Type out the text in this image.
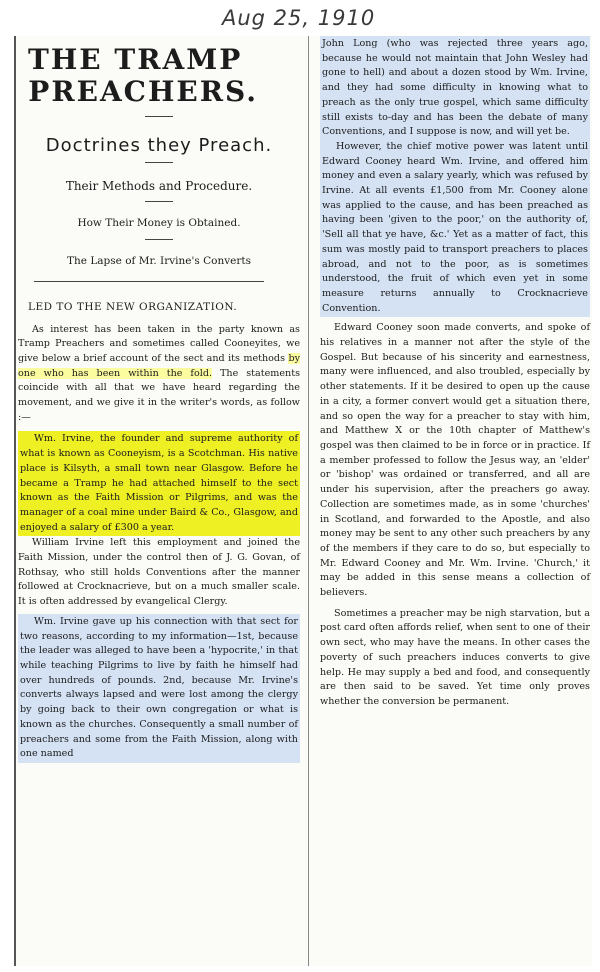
Aug 25, 1910
THE TRAMP
PREACHERS.
Doctrines they Preach.
Their Methods and Procedure.
How Their Money is Obtained.
The Lapse of Mr. Irvine's Converts
LED TO THE NEW ORGANIZATION.

As interest has been taken in the party known as Tramp Preachers and sometimes called Cooneyites, we give below a brief account of the sect and its methods by one who has been within the fold. The statements coincide with all that we have heard regarding the movement, and we give it in the writer's words, as follow :—

Wm. Irvine, the founder and supreme authority of what is known as Cooneyism, is a Scotchman. His native place is Kilsyth, a small town near Glasgow. Before he became a Tramp he had attached himself to the sect known as the Faith Mission or Pilgrims, and was the manager of a coal mine under Baird & Co., Glasgow, and enjoyed a salary of £300 a year.

William Irvine left this employment and joined the Faith Mission, under the control then of J. G. Govan, of Rothsay, who still holds Conventions after the manner followed at Crocknacrieve, but on a much smaller scale. It is often addressed by evangelical Clergy.

Wm. Irvine gave up his connection with that sect for two reasons, according to my information—1st, because the leader was alleged to have been a 'hypocrite,' in that while teaching Pilgrims to live by faith he himself had over hundreds of pounds. 2nd, because Mr. Irvine's converts always lapsed and were lost among the clergy by going back to their own congregation or what is known as the churches. Consequently a small number of preachers and some from the Faith Mission, along with one named

John Long (who was rejected three years ago, because he would not maintain that John Wesley had gone to hell) and about a dozen stood by Wm. Irvine, and they had some difficulty in knowing what to preach as the only true gospel, which same difficulty still exists to-day and has been the debate of many Conventions, and I suppose is now, and will yet be.

However, the chief motive power was latent until Edward Cooney heard Wm. Irvine, and offered him money and even a salary yearly, which was refused by Irvine. At all events £1,500 from Mr. Cooney alone was applied to the cause, and has been preached as having been 'given to the poor,' on the authority of, 'Sell all that ye have, &c.' Yet as a matter of fact, this sum was mostly paid to transport preachers to places abroad, and not to the poor, as is sometimes understood, the fruit of which even yet in some measure returns annually to Crocknacrieve Convention.

Edward Cooney soon made converts, and spoke of his relatives in a manner not after the style of the Gospel. But because of his sincerity and earnestness, many were influenced, and also troubled, especially by other statements. If it be desired to open up the cause in a city, a former convert would get a situation there, and so open the way for a preacher to stay with him, and Matthew X or the 10th chapter of Matthew's gospel was then claimed to be in force or in practice. If a member professed to follow the Jesus way, an 'elder' or 'bishop' was ordained or transferred, and all are under his supervision, after the preachers go away. Collection are sometimes made, as in some 'churches' in Scotland, and forwarded to the Apostle, and also money may be sent to any other such preachers by any of the members if they care to do so, but especially to Mr. Edward Cooney and Mr. Wm. Irvine. 'Church,' it may be added in this sense means a collection of believers.

Sometimes a preacher may be nigh starvation, but a post card often affords relief, when sent to one of their own sect, who may have the means. In other cases the poverty of such preachers induces converts to give help. He may supply a bed and food, and consequently are then said to be saved. Yet time only proves whether the conversion be permanent.
